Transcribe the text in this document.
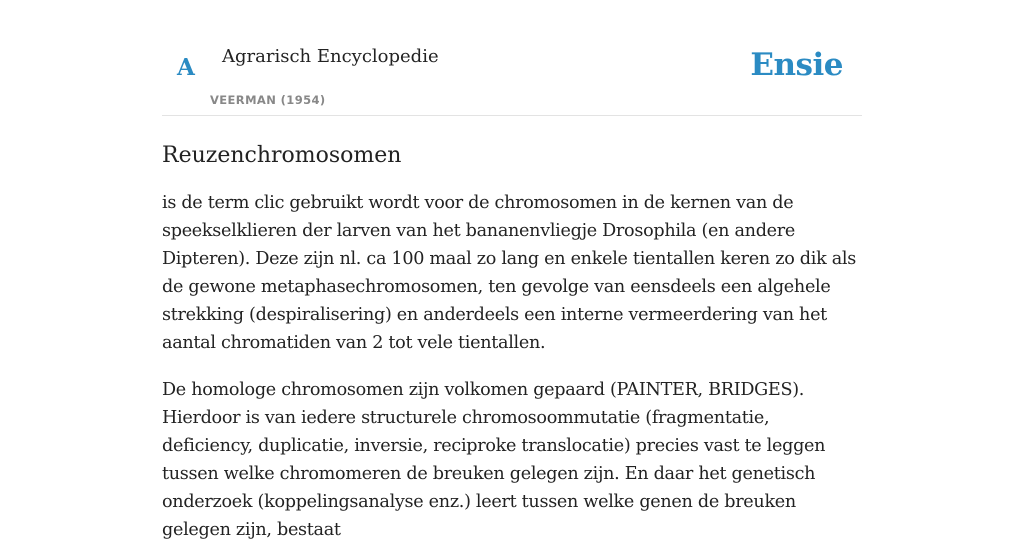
A Agrarisch Encyclopedie
VEERMAN (1954)
Ensie
Reuzenchromosomen

is de term clic gebruikt wordt voor de chromosomen in de kernen van de speekselklieren der larven van het bananenvliegje Drosophila (en andere Dipteren). Deze zijn nl. ca 100 maal zo lang en enkele tientallen keren zo dik als de gewone metaphasechromosomen, ten gevolge van eensdeels een algehele strekking (despiralisering) en anderdeels een interne vermeerdering van het aantal chromatiden van 2 tot vele tientallen.

De homologe chromosomen zijn volkomen gepaard (PAINTER, BRIDGES). Hierdoor is van iedere structurele chromosoommutatie (fragmentatie, deficiency, duplicatie, inversie, reciproke translocatie) precies vast te leggen tussen welke chromomeren de breuken gelegen zijn. En daar het genetisch onderzoek (koppelingsanalyse enz.) leert tussen welke genen de breuken gelegen zijn, bestaat
